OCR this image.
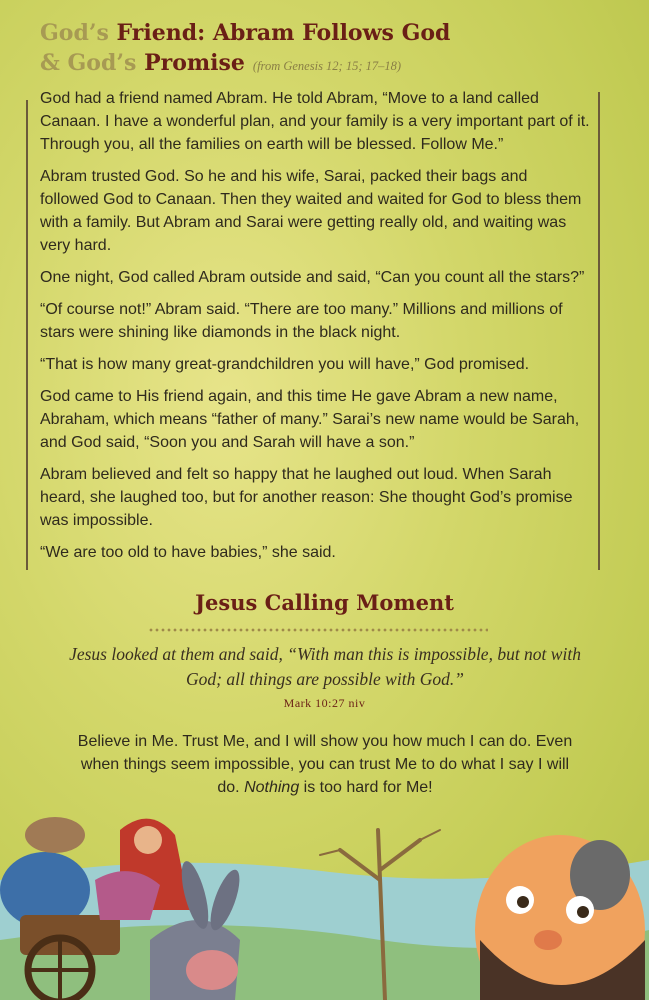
God’s Friend: Abram Follows God
& God’s Promise (from Genesis 12; 15; 17–18)

God had a friend named Abram. He told Abram, “Move to a land called Canaan. I have a wonderful plan, and your family is a very important part of it. Through you, all the families on earth will be blessed. Follow Me.”

Abram trusted God. So he and his wife, Sarai, packed their bags and followed God to Canaan. Then they waited and waited for God to bless them with a family. But Abram and Sarai were getting really old, and waiting was very hard.

One night, God called Abram outside and said, “Can you count all the stars?”

“Of course not!” Abram said. “There are too many.” Millions and millions of stars were shining like diamonds in the black night.

“That is how many great-grandchildren you will have,” God promised.

God came to His friend again, and this time He gave Abram a new name, Abraham, which means “father of many.” Sarai’s new name would be Sarah, and God said, “Soon you and Sarah will have a son.”

Abram believed and felt so happy that he laughed out loud. When Sarah heard, she laughed too, but for another reason: She thought God’s promise was impossible.

“We are too old to have babies,” she said.

Jesus Calling Moment
Jesus looked at them and said, “With man this is impossible, but not with God; all things are possible with God.”
Mark 10:27 niv
Believe in Me. Trust Me, and I will show you how much I can do. Even when things seem impossible, you can trust Me to do what I say I will do. Nothing is too hard for Me!
